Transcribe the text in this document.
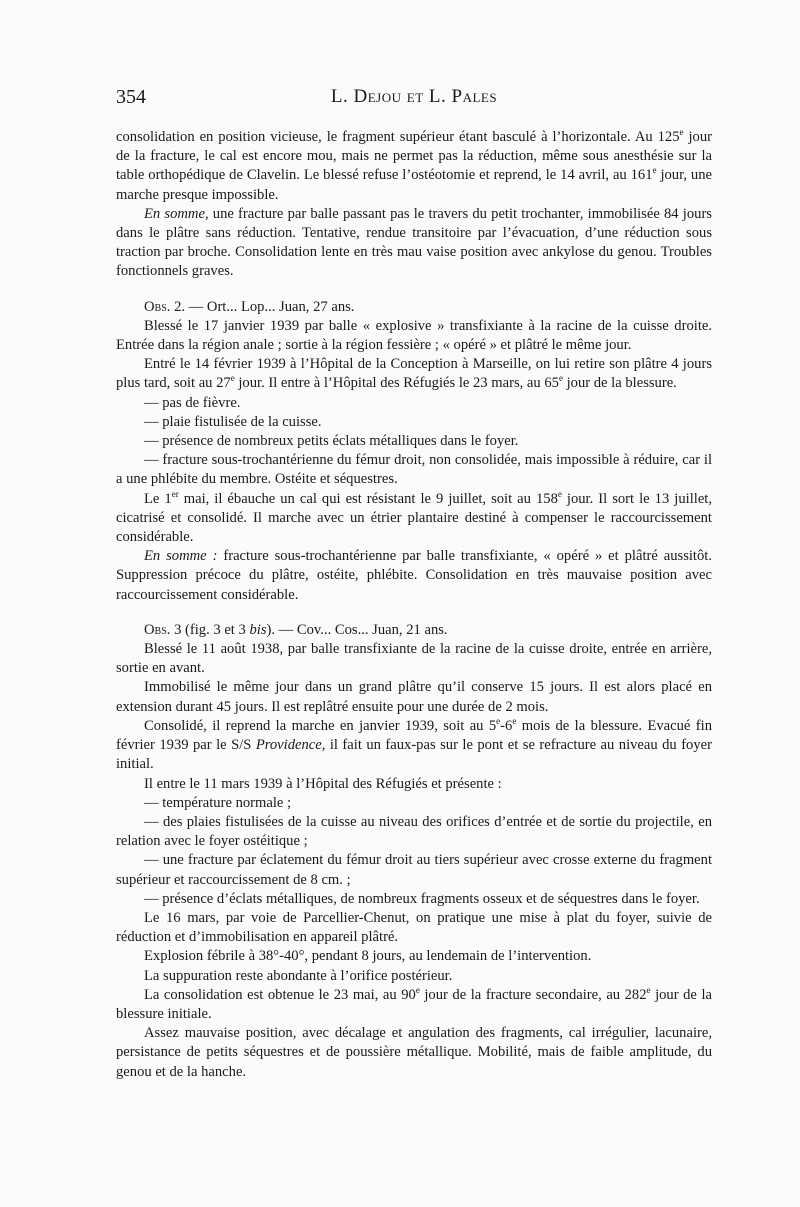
354	L. Dejou et L. Pales

consolidation en position vicieuse, le fragment supérieur étant basculé à l’horizontale. Au 125e jour de la fracture, le cal est encore mou, mais ne permet pas la réduction, même sous anesthésie sur la table orthopédique de Clavelin. Le blessé refuse l’ostéotomie et reprend, le 14 avril, au 161e jour, une marche presque impossible.

En somme, une fracture par balle passant pas le travers du petit trochanter, immobilisée 84 jours dans le plâtre sans réduction. Tentative, rendue transitoire par l’évacuation, d’une réduction sous traction par broche. Consolidation lente en très mau vaise position avec ankylose du genou. Troubles fonctionnels graves.

Obs. 2. — Ort... Lop... Juan, 27 ans.

Blessé le 17 janvier 1939 par balle « explosive » transfixiante à la racine de la cuisse droite. Entrée dans la région anale ; sortie à la région fessière ; « opéré » et plâtré le même jour.

Entré le 14 février 1939 à l’Hôpital de la Conception à Marseille, on lui retire son plâtre 4 jours plus tard, soit au 27e jour. Il entre à l’Hôpital des Réfugiés le 23 mars, au 65e jour de la blessure.

— pas de fièvre.

— plaie fistulisée de la cuisse.

— présence de nombreux petits éclats métalliques dans le foyer.

— fracture sous-trochantérienne du fémur droit, non consolidée, mais impossible à réduire, car il a une phlébite du membre. Ostéite et séquestres.

Le 1er mai, il ébauche un cal qui est résistant le 9 juillet, soit au 158e jour. Il sort le 13 juillet, cicatrisé et consolidé. Il marche avec un étrier plantaire destiné à compenser le raccourcissement considérable.

En somme : fracture sous-trochantérienne par balle transfixiante, « opéré » et plâtré aussitôt. Suppression précoce du plâtre, ostéite, phlébite. Consolidation en très mauvaise position avec raccourcissement considérable.

Obs. 3 (fig. 3 et 3 bis). — Cov... Cos... Juan, 21 ans.

Blessé le 11 août 1938, par balle transfixiante de la racine de la cuisse droite, entrée en arrière, sortie en avant.

Immobilisé le même jour dans un grand plâtre qu’il conserve 15 jours. Il est alors placé en extension durant 45 jours. Il est replâtré ensuite pour une durée de 2 mois.

Consolidé, il reprend la marche en janvier 1939, soit au 5e-6e mois de la blessure. Evacué fin février 1939 par le S/S Providence, il fait un faux-pas sur le pont et se refracture au niveau du foyer initial.

Il entre le 11 mars 1939 à l’Hôpital des Réfugiés et présente :

— température normale ;

— des plaies fistulisées de la cuisse au niveau des orifices d’entrée et de sortie du projectile, en relation avec le foyer ostéitique ;

— une fracture par éclatement du fémur droit au tiers supérieur avec crosse externe du fragment supérieur et raccourcissement de 8 cm. ;

— présence d’éclats métalliques, de nombreux fragments osseux et de séquestres dans le foyer.

Le 16 mars, par voie de Parcellier-Chenut, on pratique une mise à plat du foyer, suivie de réduction et d’immobilisation en appareil plâtré.

Explosion fébrile à 38°-40°, pendant 8 jours, au lendemain de l’intervention.

La suppuration reste abondante à l’orifice postérieur.

La consolidation est obtenue le 23 mai, au 90e jour de la fracture secondaire, au 282e jour de la blessure initiale.

Assez mauvaise position, avec décalage et angulation des fragments, cal irrégulier, lacunaire, persistance de petits séquestres et de poussière métallique. Mobilité, mais de faible amplitude, du genou et de la hanche.
